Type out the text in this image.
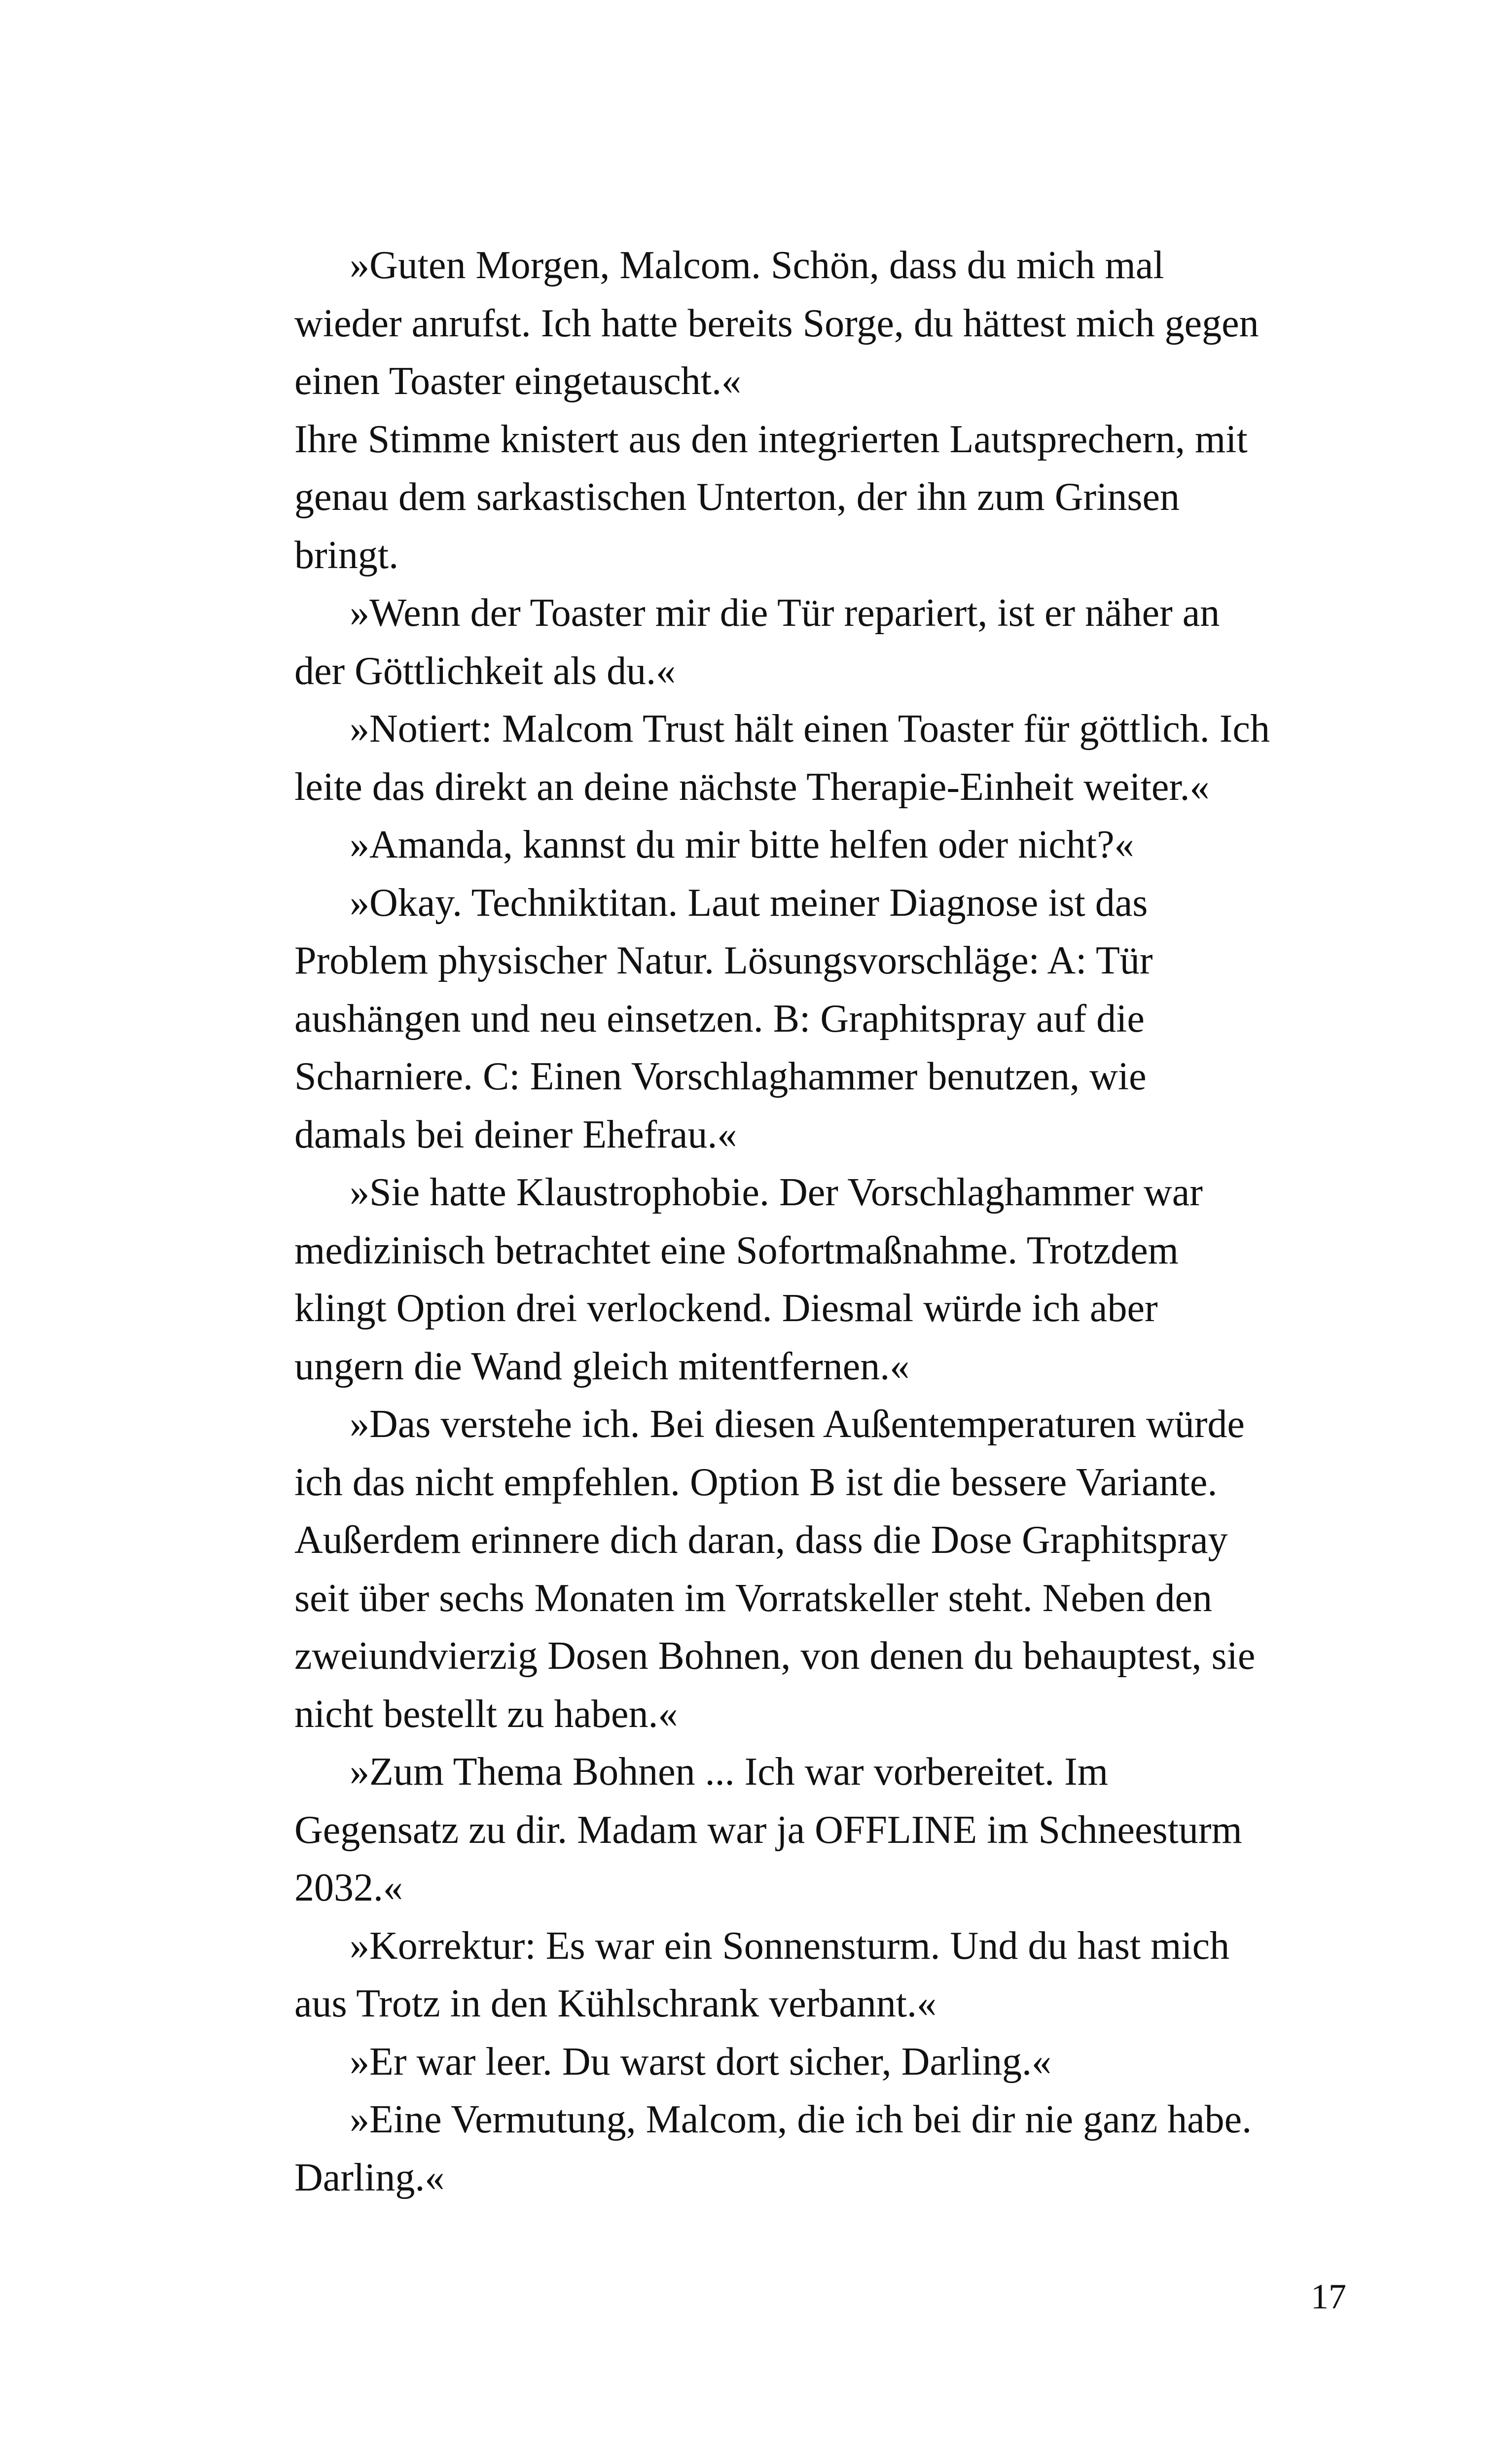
»Guten Morgen, Malcom. Schön, dass du mich mal
wieder anrufst. Ich hatte bereits Sorge, du hättest mich gegen
einen Toaster eingetauscht.«
Ihre Stimme knistert aus den integrierten Lautsprechern, mit
genau dem sarkastischen Unterton, der ihn zum Grinsen
bringt.
»Wenn der Toaster mir die Tür repariert, ist er näher an
der Göttlichkeit als du.«
»Notiert: Malcom Trust hält einen Toaster für göttlich. Ich
leite das direkt an deine nächste Therapie-Einheit weiter.«
»Amanda, kannst du mir bitte helfen oder nicht?«
»Okay. Techniktitan. Laut meiner Diagnose ist das
Problem physischer Natur. Lösungsvorschläge: A: Tür
aushängen und neu einsetzen. B: Graphitspray auf die
Scharniere. C: Einen Vorschlaghammer benutzen, wie
damals bei deiner Ehefrau.«
»Sie hatte Klaustrophobie. Der Vorschlaghammer war
medizinisch betrachtet eine Sofortmaßnahme. Trotzdem
klingt Option drei verlockend. Diesmal würde ich aber
ungern die Wand gleich mitentfernen.«
»Das verstehe ich. Bei diesen Außentemperaturen würde
ich das nicht empfehlen. Option B ist die bessere Variante.
Außerdem erinnere dich daran, dass die Dose Graphitspray
seit über sechs Monaten im Vorratskeller steht. Neben den
zweiundvierzig Dosen Bohnen, von denen du behauptest, sie
nicht bestellt zu haben.«
»Zum Thema Bohnen ... Ich war vorbereitet. Im
Gegensatz zu dir. Madam war ja OFFLINE im Schneesturm
2032.«
»Korrektur: Es war ein Sonnensturm. Und du hast mich
aus Trotz in den Kühlschrank verbannt.«
»Er war leer. Du warst dort sicher, Darling.«
»Eine Vermutung, Malcom, die ich bei dir nie ganz habe.
Darling.«
17
